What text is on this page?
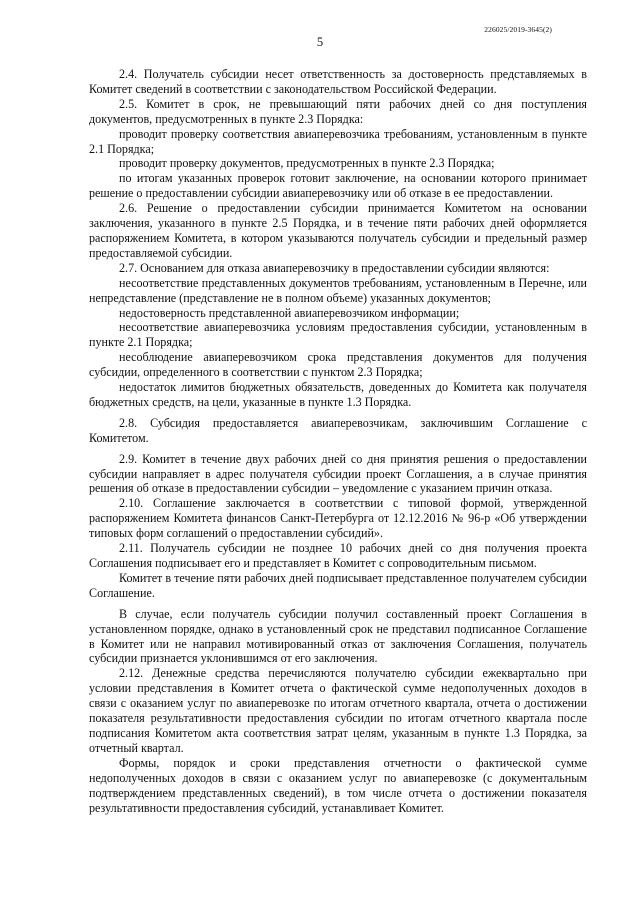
226025/2019-3645(2)
5

2.4. Получатель субсидии несет ответственность за достоверность представляемых в Комитет сведений в соответствии с законодательством Российской Федерации.

2.5. Комитет в срок, не превышающий пяти рабочих дней со дня поступления документов, предусмотренных в пункте 2.3 Порядка:

проводит проверку соответствия авиаперевозчика требованиям, установленным в пункте 2.1 Порядка;

проводит проверку документов, предусмотренных в пункте 2.3 Порядка;

по итогам указанных проверок готовит заключение, на основании которого принимает решение о предоставлении субсидии авиаперевозчику или об отказе в ее предоставлении.

2.6. Решение о предоставлении субсидии принимается Комитетом на основании заключения, указанного в пункте 2.5 Порядка, и в течение пяти рабочих дней оформляется распоряжением Комитета, в котором указываются получатель субсидии и предельный размер предоставляемой субсидии.

2.7. Основанием для отказа авиаперевозчику в предоставлении субсидии являются:

несоответствие представленных документов требованиям, установленным в Перечне, или непредставление (представление не в полном объеме) указанных документов;

недостоверность представленной авиаперевозчиком информации;

несоответствие авиаперевозчика условиям предоставления субсидии, установленным в пункте 2.1 Порядка;

несоблюдение авиаперевозчиком срока представления документов для получения субсидии, определенного в соответствии с пунктом 2.3 Порядка;

недостаток лимитов бюджетных обязательств, доведенных до Комитета как получателя бюджетных средств, на цели, указанные в пункте 1.3 Порядка.

2.8. Субсидия предоставляется авиаперевозчикам, заключившим Соглашение с Комитетом.

2.9. Комитет в течение двух рабочих дней со дня принятия решения о предоставлении субсидии направляет в адрес получателя субсидии проект Соглашения, а в случае принятия решения об отказе в предоставлении субсидии – уведомление с указанием причин отказа.

2.10. Соглашение заключается в соответствии с типовой формой, утвержденной распоряжением Комитета финансов Санкт-Петербурга от 12.12.2016 № 96-р «Об утверждении типовых форм соглашений о предоставлении субсидий».

2.11. Получатель субсидии не позднее 10 рабочих дней со дня получения проекта Соглашения подписывает его и представляет в Комитет с сопроводительным письмом.

Комитет в течение пяти рабочих дней подписывает представленное получателем субсидии Соглашение.

В случае, если получатель субсидии получил составленный проект Соглашения в установленном порядке, однако в установленный срок не представил подписанное Соглашение в Комитет или не направил мотивированный отказ от заключения Соглашения, получатель субсидии признается уклонившимся от его заключения.

2.12. Денежные средства перечисляются получателю субсидии ежеквартально при условии представления в Комитет отчета о фактической сумме недополученных доходов в связи с оказанием услуг по авиаперевозке по итогам отчетного квартала, отчета о достижении показателя результативности предоставления субсидии по итогам отчетного квартала после подписания Комитетом акта соответствия затрат целям, указанным в пункте 1.3 Порядка, за отчетный квартал.

Формы, порядок и сроки представления отчетности о фактической сумме недополученных доходов в связи с оказанием услуг по авиаперевозке (с документальным подтверждением представленных сведений), в том числе отчета о достижении показателя результативности предоставления субсидий, устанавливает Комитет.
